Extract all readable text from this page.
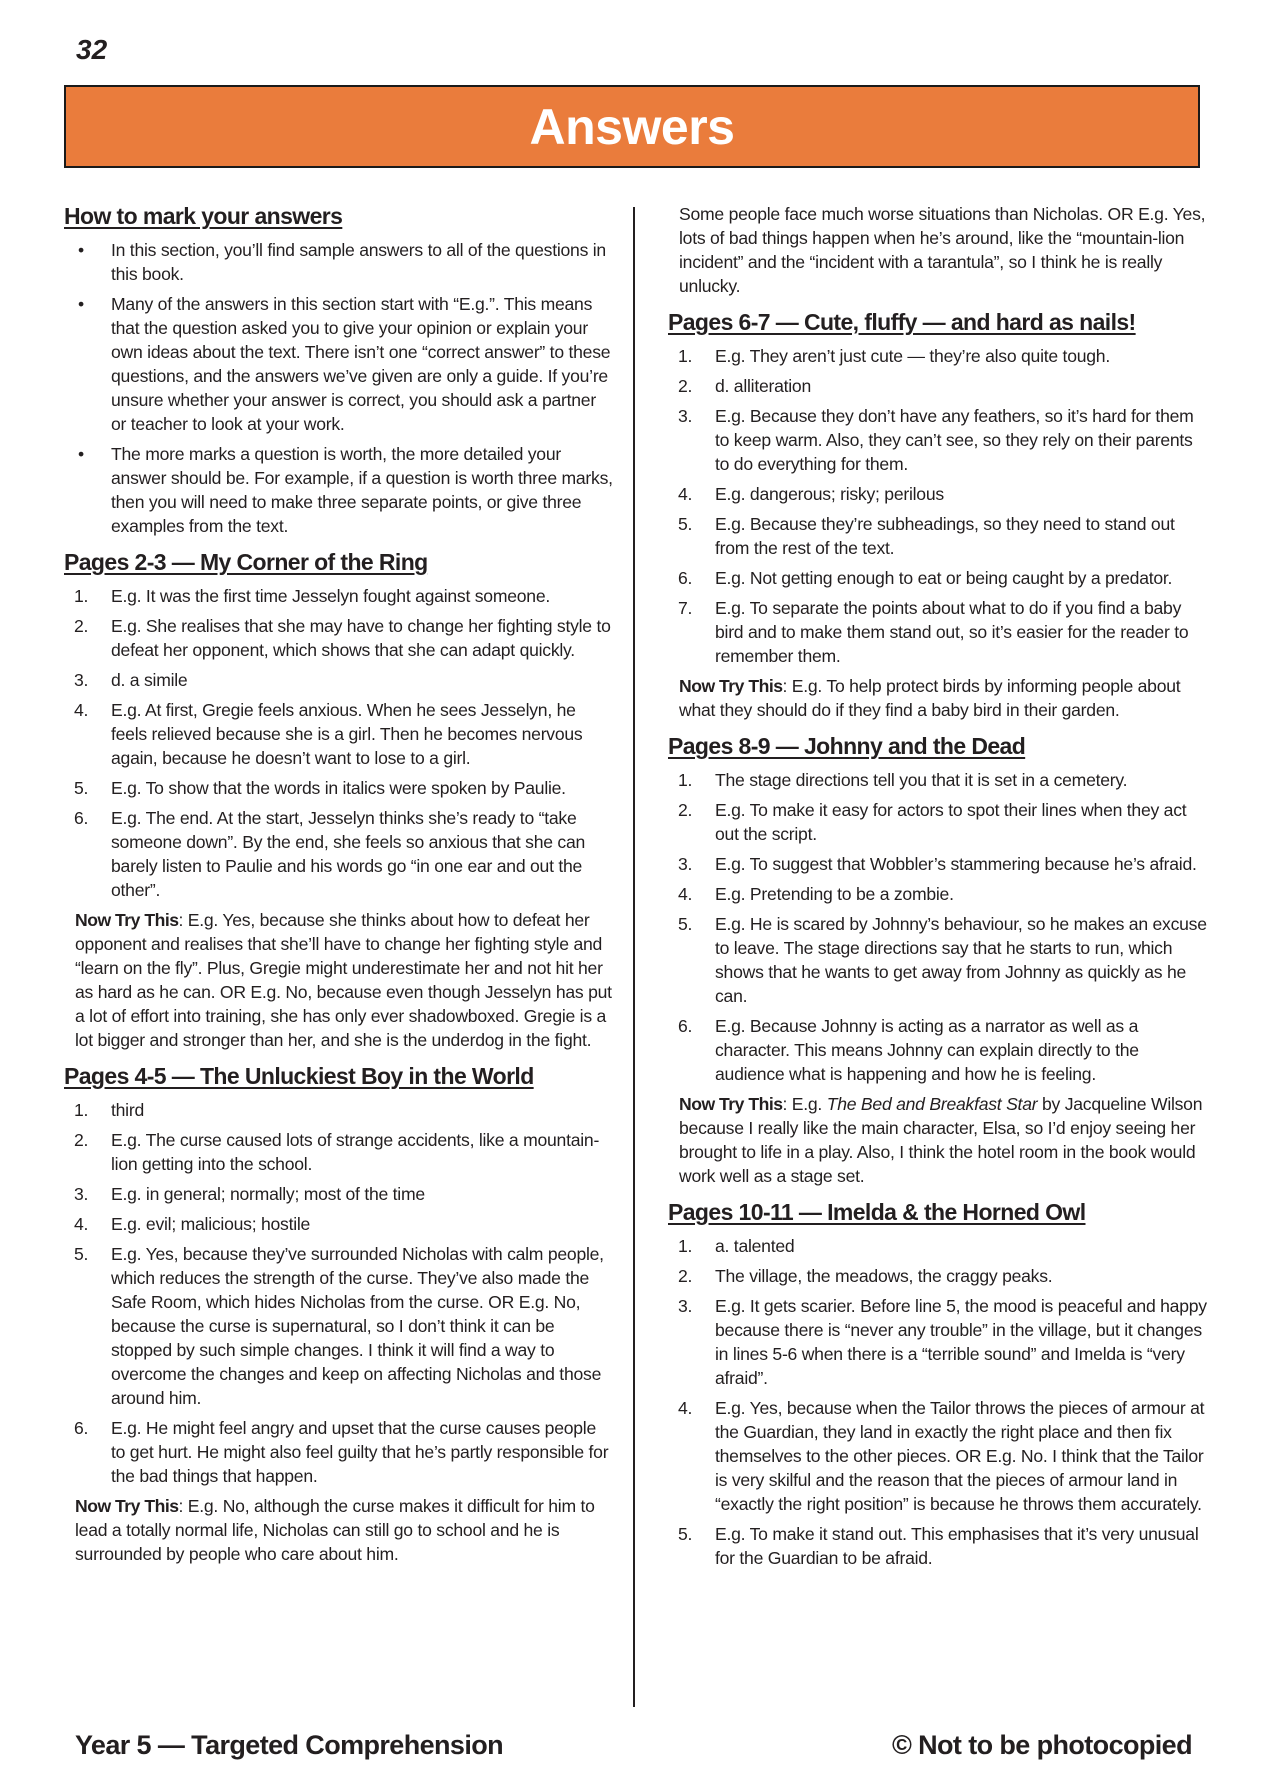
32
Answers
How to mark your answers
• In this section, you’ll find sample answers to all of the questions in this book.
• Many of the answers in this section start with “E.g.”. This means that the question asked you to give your opinion or explain your own ideas about the text. There isn’t one “correct answer” to these questions, and the answers we’ve given are only a guide. If you’re unsure whether your answer is correct, you should ask a partner or teacher to look at your work.
• The more marks a question is worth, the more detailed your answer should be. For example, if a question is worth three marks, then you will need to make three separate points, or give three examples from the text.
Pages 2-3 — My Corner of the Ring
1. E.g. It was the first time Jesselyn fought against someone.
2. E.g. She realises that she may have to change her fighting style to defeat her opponent, which shows that she can adapt quickly.
3. d. a simile
4. E.g. At first, Gregie feels anxious. When he sees Jesselyn, he feels relieved because she is a girl. Then he becomes nervous again, because he doesn’t want to lose to a girl.
5. E.g. To show that the words in italics were spoken by Paulie.
6. E.g. The end. At the start, Jesselyn thinks she’s ready to “take someone down”. By the end, she feels so anxious that she can barely listen to Paulie and his words go “in one ear and out the other”.

Now Try This: E.g. Yes, because she thinks about how to defeat her opponent and realises that she’ll have to change her fighting style and “learn on the fly”. Plus, Gregie might underestimate her and not hit her as hard as he can. OR E.g. No, because even though Jesselyn has put a lot of effort into training, she has only ever shadowboxed. Gregie is a lot bigger and stronger than her, and she is the underdog in the fight.

Pages 4-5 — The Unluckiest Boy in the World
1. third
2. E.g. The curse caused lots of strange accidents, like a mountain-lion getting into the school.
3. E.g. in general; normally; most of the time
4. E.g. evil; malicious; hostile
5. E.g. Yes, because they’ve surrounded Nicholas with calm people, which reduces the strength of the curse. They’ve also made the Safe Room, which hides Nicholas from the curse. OR E.g. No, because the curse is supernatural, so I don’t think it can be stopped by such simple changes. I think it will find a way to overcome the changes and keep on affecting Nicholas and those around him.
6. E.g. He might feel angry and upset that the curse causes people to get hurt. He might also feel guilty that he’s partly responsible for the bad things that happen.

Now Try This: E.g. No, although the curse makes it difficult for him to lead a totally normal life, Nicholas can still go to school and he is surrounded by people who care about him.

Some people face much worse situations than Nicholas. OR E.g. Yes, lots of bad things happen when he’s around, like the “mountain-lion incident” and the “incident with a tarantula”, so I think he is really unlucky.

Pages 6-7 — Cute, fluffy — and hard as nails!
1. E.g. They aren’t just cute — they’re also quite tough.
2. d. alliteration
3. E.g. Because they don’t have any feathers, so it’s hard for them to keep warm. Also, they can’t see, so they rely on their parents to do everything for them.
4. E.g. dangerous; risky; perilous
5. E.g. Because they’re subheadings, so they need to stand out from the rest of the text.
6. E.g. Not getting enough to eat or being caught by a predator.
7. E.g. To separate the points about what to do if you find a baby bird and to make them stand out, so it’s easier for the reader to remember them.

Now Try This: E.g. To help protect birds by informing people about what they should do if they find a baby bird in their garden.

Pages 8-9 — Johnny and the Dead
1. The stage directions tell you that it is set in a cemetery.
2. E.g. To make it easy for actors to spot their lines when they act out the script.
3. E.g. To suggest that Wobbler’s stammering because he’s afraid.
4. E.g. Pretending to be a zombie.
5. E.g. He is scared by Johnny’s behaviour, so he makes an excuse to leave. The stage directions say that he starts to run, which shows that he wants to get away from Johnny as quickly as he can.
6. E.g. Because Johnny is acting as a narrator as well as a character. This means Johnny can explain directly to the audience what is happening and how he is feeling.

Now Try This: E.g. The Bed and Breakfast Star by Jacqueline Wilson because I really like the main character, Elsa, so I’d enjoy seeing her brought to life in a play. Also, I think the hotel room in the book would work well as a stage set.

Pages 10-11 — Imelda & the Horned Owl
1. a. talented
2. The village, the meadows, the craggy peaks.
3. E.g. It gets scarier. Before line 5, the mood is peaceful and happy because there is “never any trouble” in the village, but it changes in lines 5-6 when there is a “terrible sound” and Imelda is “very afraid”.
4. E.g. Yes, because when the Tailor throws the pieces of armour at the Guardian, they land in exactly the right place and then fix themselves to the other pieces. OR E.g. No. I think that the Tailor is very skilful and the reason that the pieces of armour land in “exactly the right position” is because he throws them accurately.
5. E.g. To make it stand out. This emphasises that it’s very unusual for the Guardian to be afraid.
Year 5 — Targeted Comprehension	© Not to be photocopied
